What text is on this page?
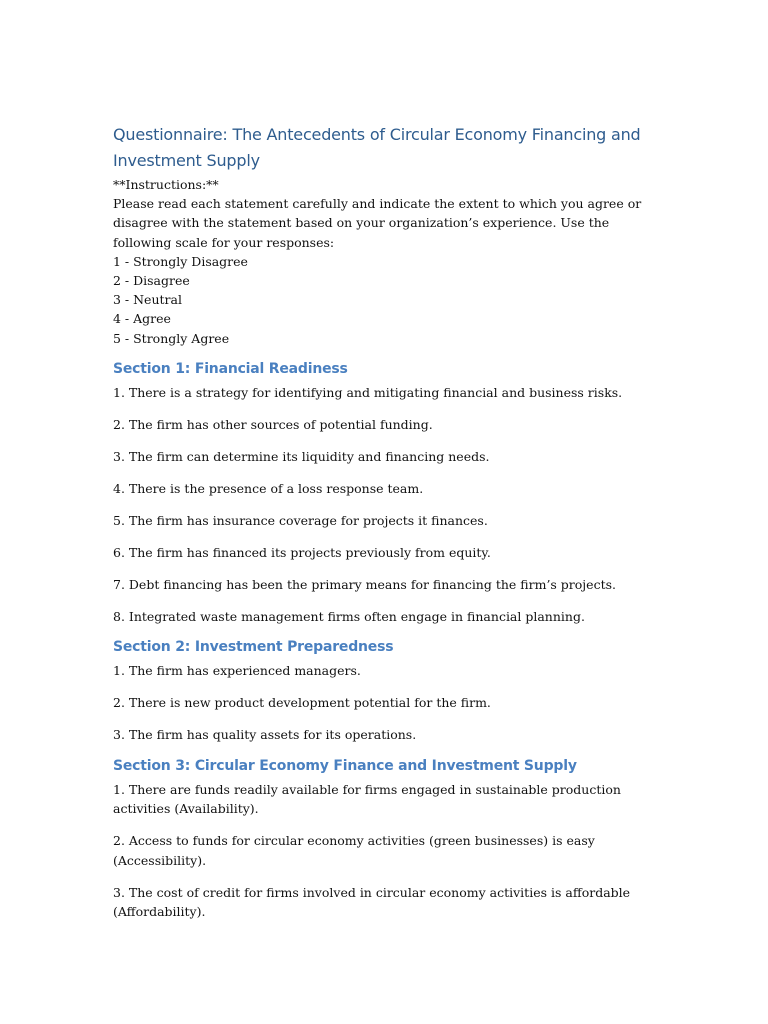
Questionnaire: The Antecedents of Circular Economy Financing and Investment Supply

**Instructions:**

Please read each statement carefully and indicate the extent to which you agree or disagree with the statement based on your organization’s experience. Use the following scale for your responses:

1 - Strongly Disagree

2 - Disagree

3 - Neutral

4 - Agree

5 - Strongly Agree

Section 1: Financial Readiness

1. There is a strategy for identifying and mitigating financial and business risks.

2. The firm has other sources of potential funding.

3. The firm can determine its liquidity and financing needs.

4. There is the presence of a loss response team.

5. The firm has insurance coverage for projects it finances.

6. The firm has financed its projects previously from equity.

7. Debt financing has been the primary means for financing the firm’s projects.

8. Integrated waste management firms often engage in financial planning.

Section 2: Investment Preparedness

1. The firm has experienced managers.

2. There is new product development potential for the firm.

3. The firm has quality assets for its operations.

Section 3: Circular Economy Finance and Investment Supply

1. There are funds readily available for firms engaged in sustainable production activities (Availability).

2. Access to funds for circular economy activities (green businesses) is easy (Accessibility).

3. The cost of credit for firms involved in circular economy activities is affordable (Affordability).
